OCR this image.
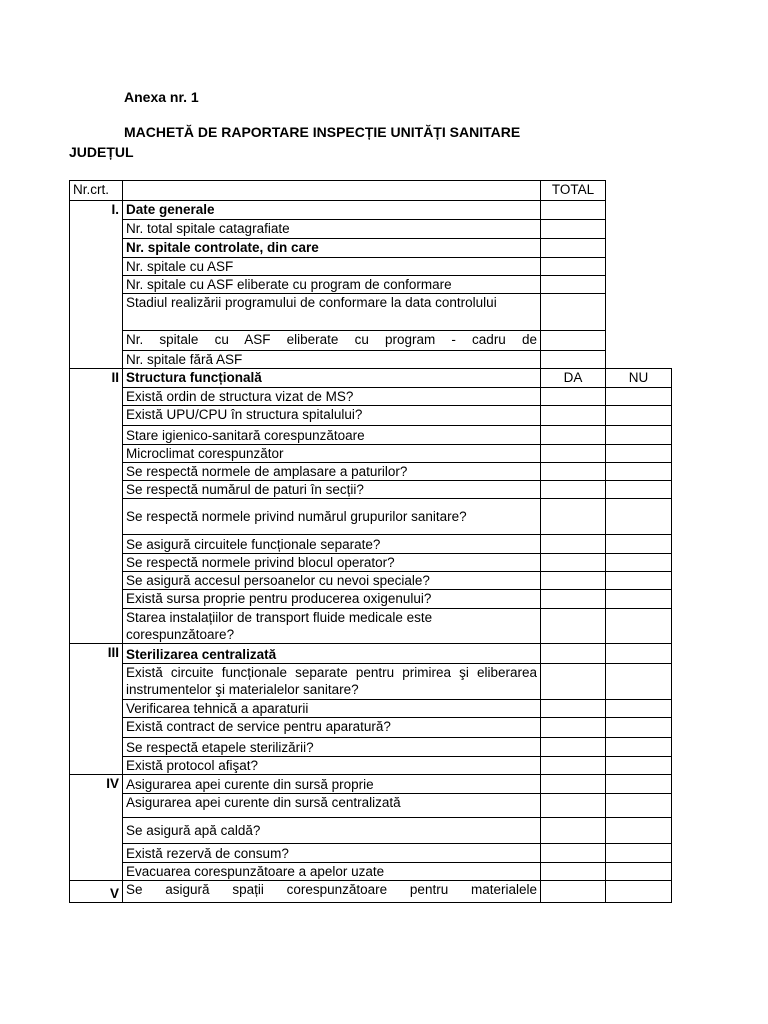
Anexa nr. 1
MACHETĂ DE RAPORTARE INSPECȚIE UNITĂȚI SANITARE
JUDEȚUL
Nr.crt.		TOTAL	
I.	Date generale		
	Nr. total spitale catagrafiate		
	Nr. spitale controlate, din care		
	Nr. spitale cu ASF		
	Nr. spitale cu ASF eliberate cu program de conformare		
	Stadiul realizării programului de conformare la data controlului		
	Nr. spitale cu ASF eliberate cu program - cadru de		
	Nr. spitale fără ASF		
II	Structura funcțională	DA	NU
	Există ordin de structura vizat de MS?		
	Există UPU/CPU în structura spitalului?		
	Stare igienico-sanitară corespunzătoare		
	Microclimat corespunzător		
	Se respectă normele de amplasare a paturilor?		
	Se respectă numărul de paturi în secții?		
	Se respectă normele privind numărul grupurilor sanitare?		
	Se asigură circuitele funcționale separate?		
	Se respectă normele privind blocul operator?		
	Se asigură accesul persoanelor cu nevoi speciale?		
	Există sursa proprie pentru producerea oxigenului?		
	Starea instalațiilor de transport fluide medicale este corespunzătoare?		
III	Sterilizarea centralizată		
	Există circuite funcționale separate pentru primirea şi eliberarea instrumentelor şi materialelor sanitare?		
	Verificarea tehnică a aparaturii		
	Există contract de service pentru aparatură?		
	Se respectă etapele sterilizării?		
	Există protocol afişat?		
IV	Asigurarea apei curente din sursă proprie		
	Asigurarea apei curente din sursă centralizată		
	Se asigură apă caldă?		
	Există rezervă de consum?		
	Evacuarea corespunzătoare a apelor uzate		
V	Se asigură spații corespunzătoare pentru materialele		
